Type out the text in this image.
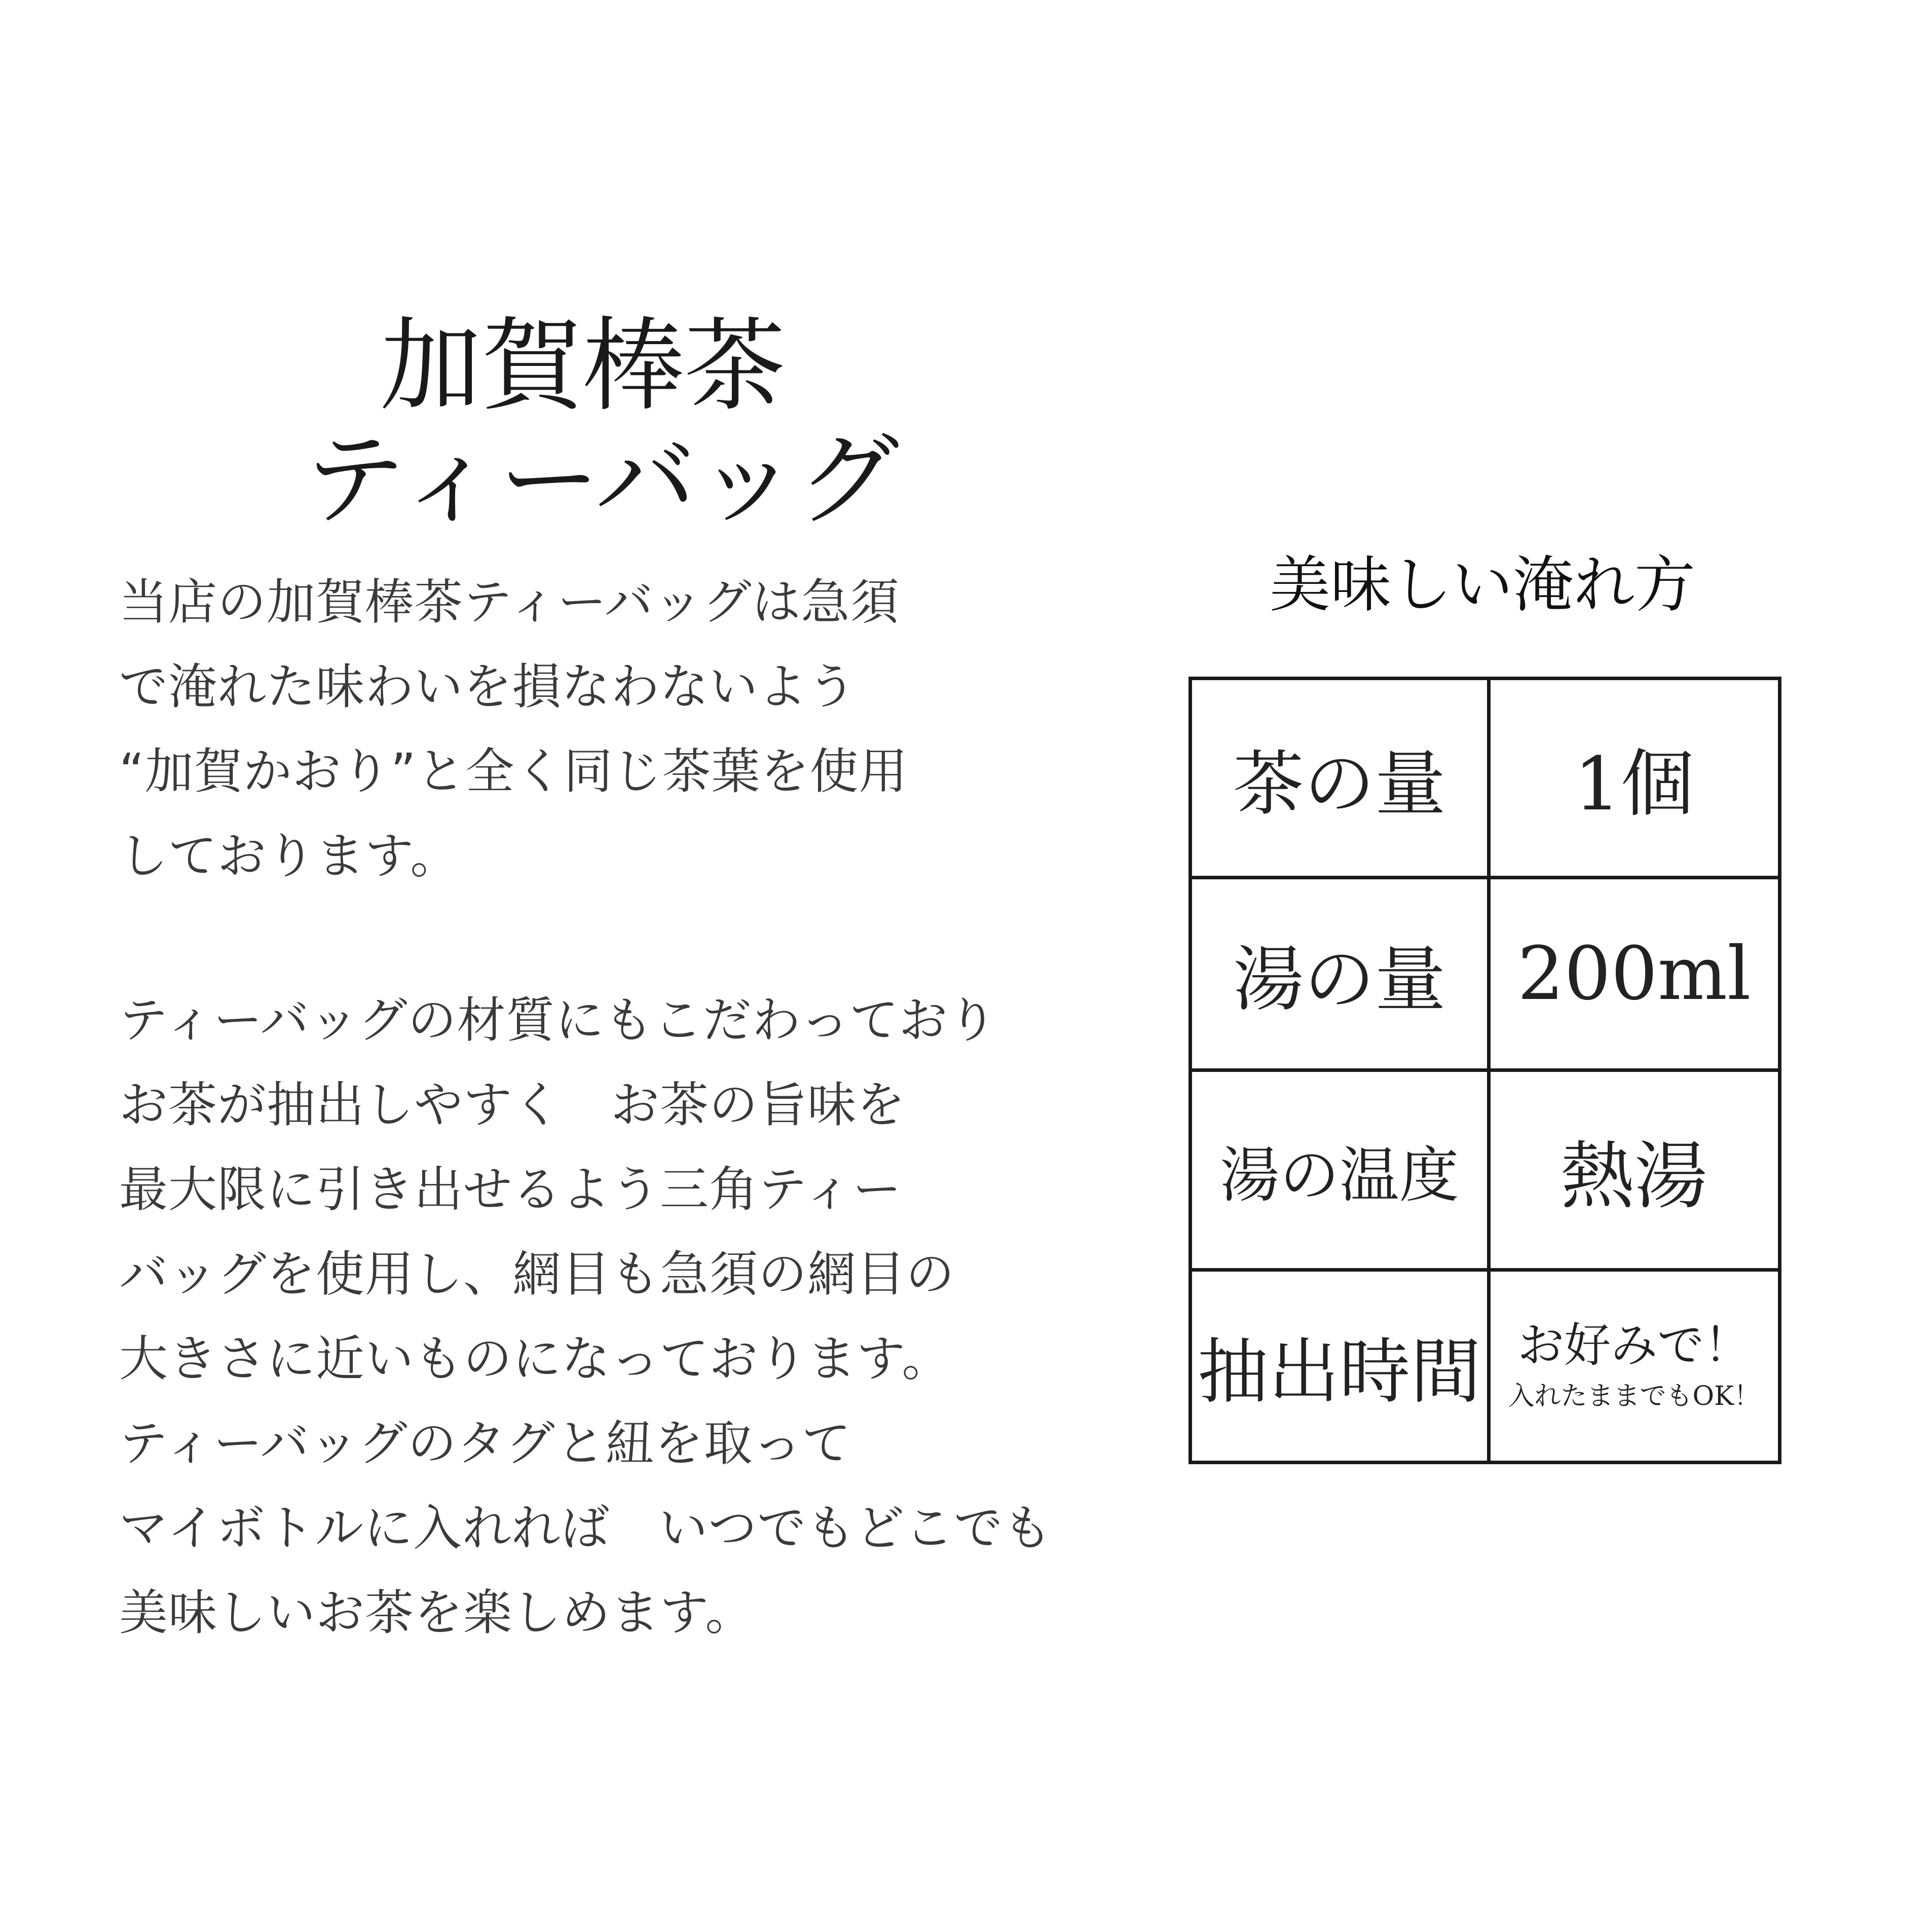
加賀棒茶
ティーバッグ
当店の加賀棒茶ティーバッグは急須
で淹れた味わいを損なわないよう
“加賀かおり”と全く同じ茶葉を使用
しております。
ティーバッグの材質にもこだわっており
お茶が抽出しやすく　お茶の旨味を
最大限に引き出せるよう三角ティー
バッグを使用し、網目も急須の網目の
大きさに近いものになっております。
ティーバッグのタグと紐を取って
マイボトルに入れれば　いつでもどこでも
美味しいお茶を楽しめます。
美味しい淹れ方
茶の量	1個
湯の量	200ml
湯の温度	熱湯
抽出時間	お好みで！
入れたままでもOK！
